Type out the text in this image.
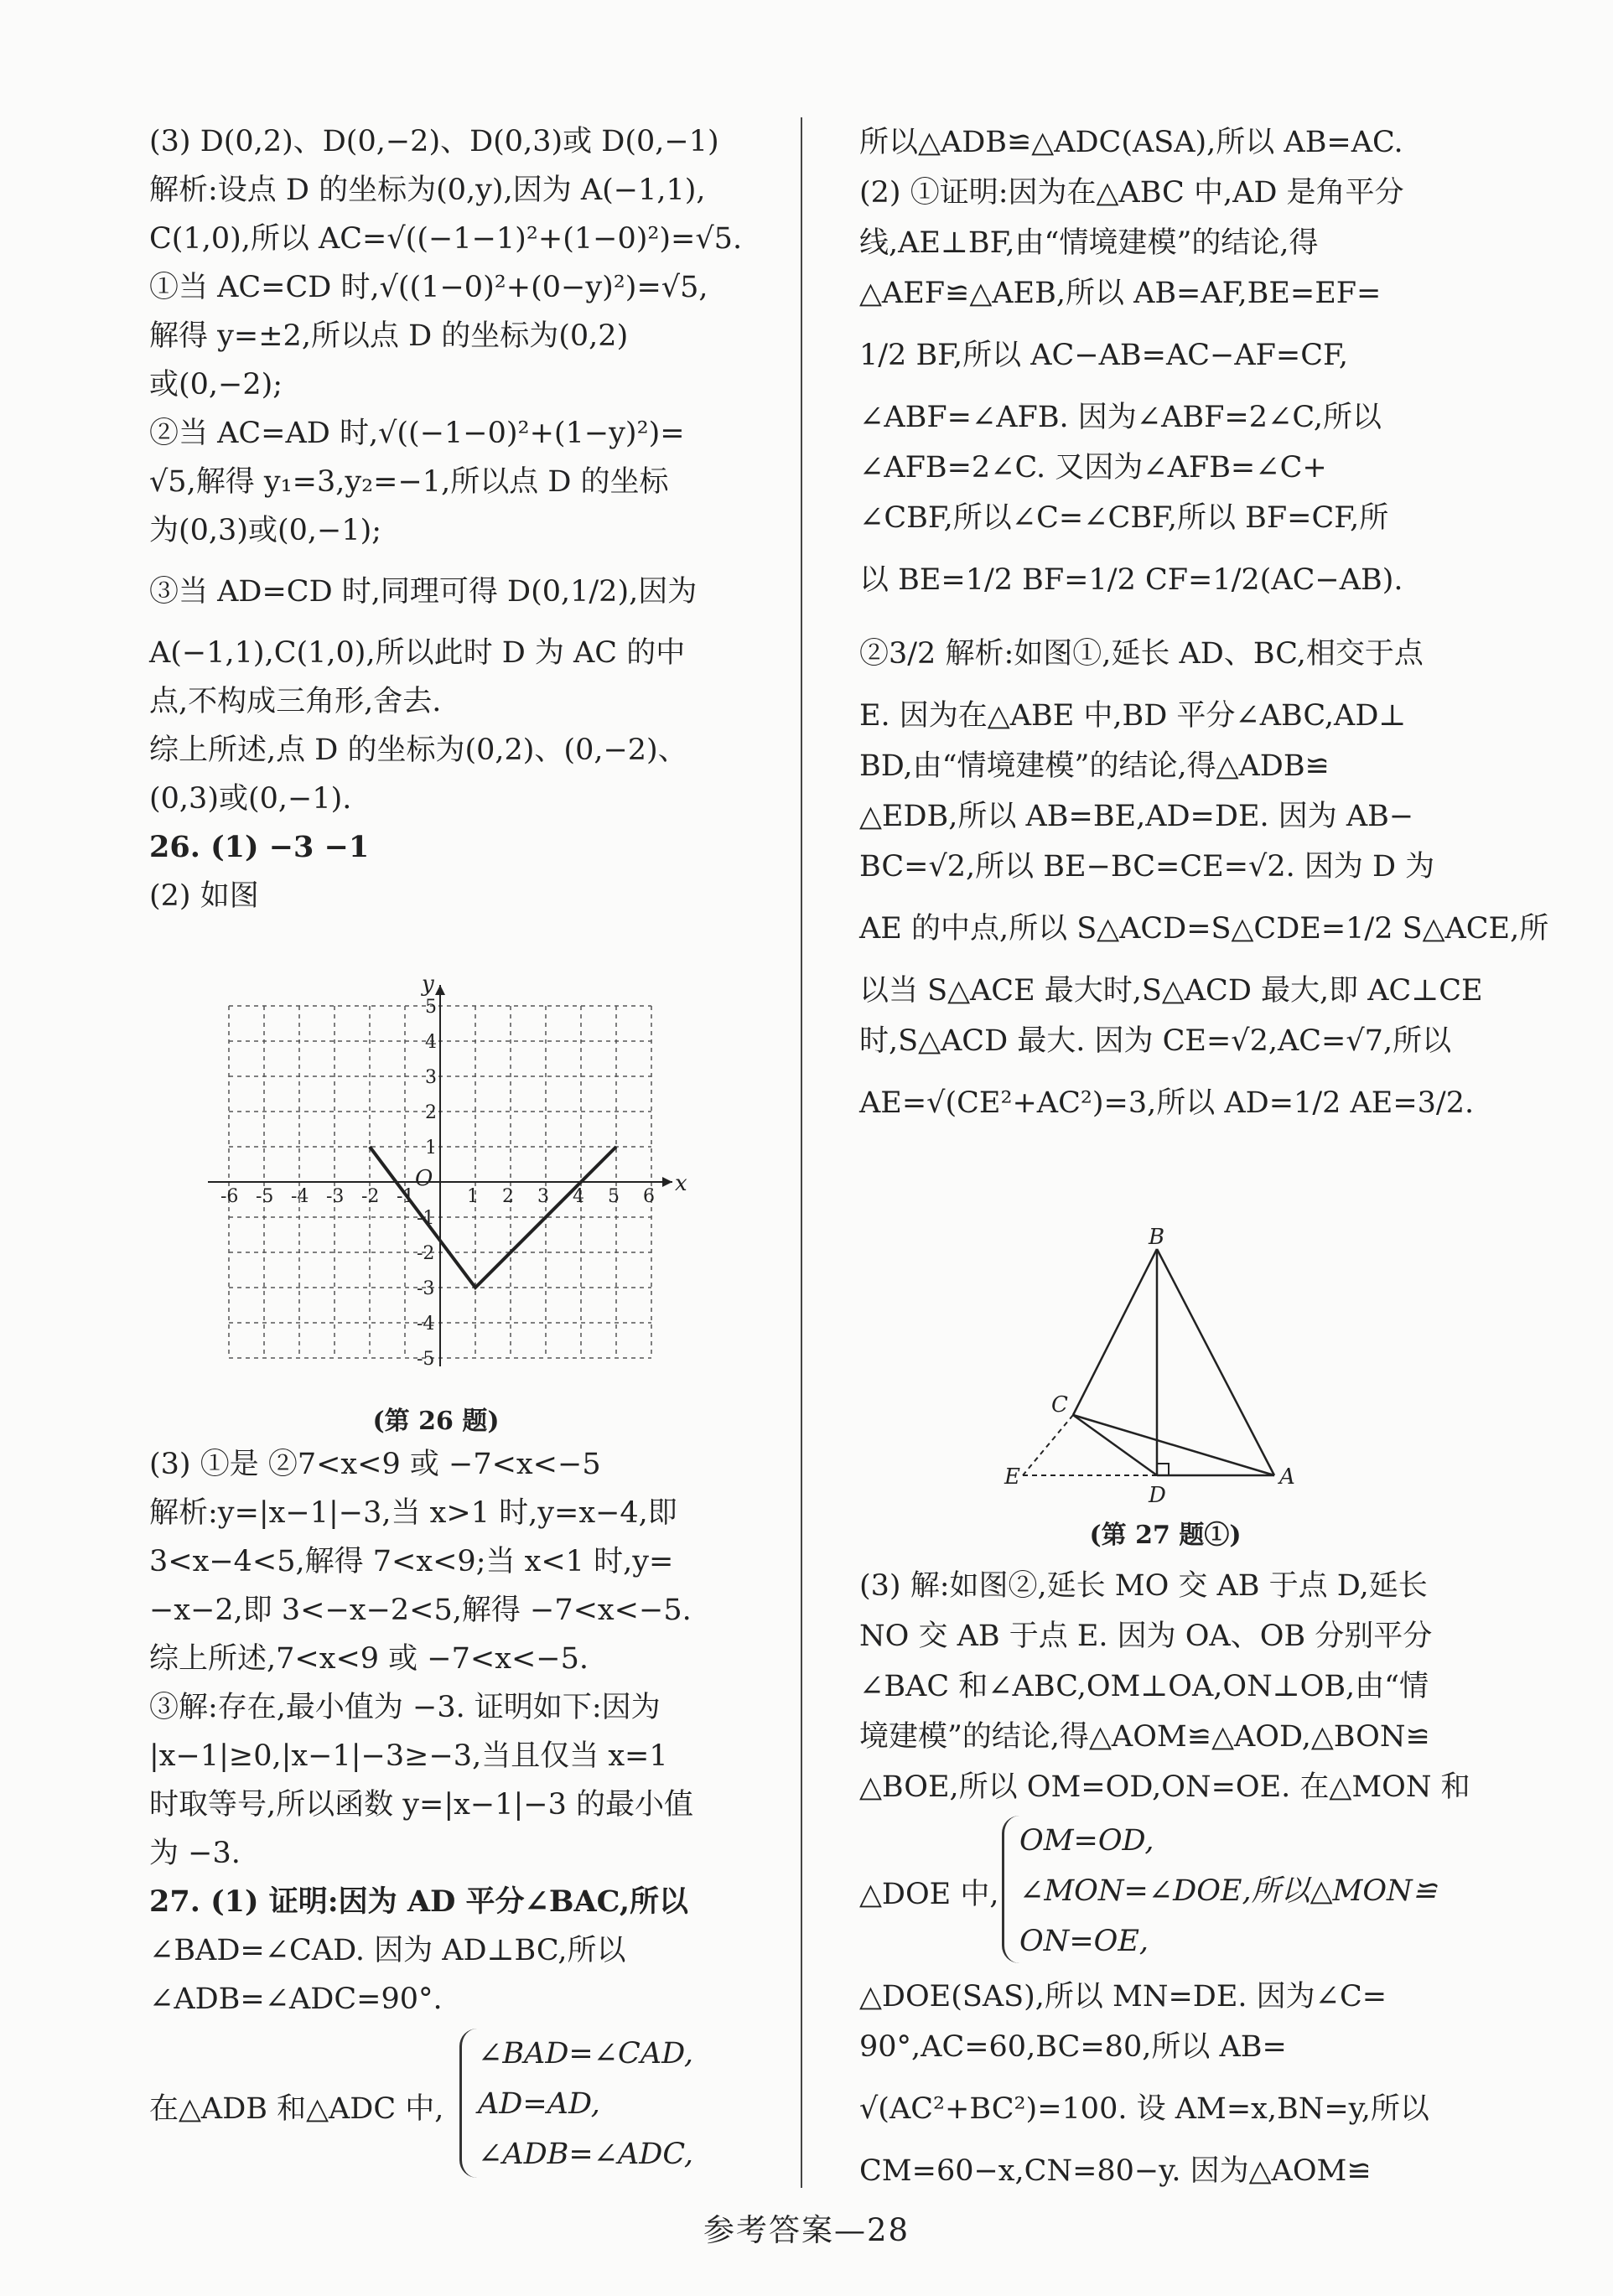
(3) D(0,2)、D(0,−2)、D(0,3)或 D(0,−1)
解析:设点 D 的坐标为(0,y),因为 A(−1,1),
C(1,0),所以 AC=√((−1−1)²+(1−0)²)=√5.
①当 AC=CD 时,√((1−0)²+(0−y)²)=√5,
解得 y=±2,所以点 D 的坐标为(0,2)
或(0,−2);
②当 AC=AD 时,√((−1−0)²+(1−y)²)=
√5,解得 y₁=3,y₂=−1,所以点 D 的坐标
为(0,3)或(0,−1);
③当 AD=CD 时,同理可得 D(0,1/2),因为
A(−1,1),C(1,0),所以此时 D 为 AC 的中
点,不构成三角形,舍去.
综上所述,点 D 的坐标为(0,2)、(0,−2)、
(0,3)或(0,−1).
26. (1) −3 −1
(2) 如图
x
y
O
-6 -5 -4 -3 -2 -1	1 2 3 4 5 6
5
4
3
2
1
-1
-2
-3
-4
-5
(第 26 题)
(3) ①是 ②7<x<9 或 −7<x<−5
解析:y=|x−1|−3,当 x>1 时,y=x−4,即
3<x−4<5,解得 7<x<9;当 x<1 时,y=
−x−2,即 3<−x−2<5,解得 −7<x<−5.
综上所述,7<x<9 或 −7<x<−5.
③解:存在,最小值为 −3. 证明如下:因为
|x−1|≥0,|x−1|−3≥−3,当且仅当 x=1
时取等号,所以函数 y=|x−1|−3 的最小值
为 −3.
27. (1) 证明:因为 AD 平分∠BAC,所以
∠BAD=∠CAD. 因为 AD⊥BC,所以
∠ADB=∠ADC=90°.
在△ADB 和△ADC 中,
∠BAD=∠CAD,
AD=AD,
∠ADB=∠ADC,
所以△ADB≌△ADC(ASA),所以 AB=AC.
(2) ①证明:因为在△ABC 中,AD 是角平分
线,AE⊥BF,由“情境建模”的结论,得
△AEF≌△AEB,所以 AB=AF,BE=EF=
1/2 BF,所以 AC−AB=AC−AF=CF,
∠ABF=∠AFB. 因为∠ABF=2∠C,所以
∠AFB=2∠C. 又因为∠AFB=∠C+
∠CBF,所以∠C=∠CBF,所以 BF=CF,所
以 BE=1/2 BF=1/2 CF=1/2(AC−AB).
②3/2 解析:如图①,延长 AD、BC,相交于点
E. 因为在△ABE 中,BD 平分∠ABC,AD⊥
BD,由“情境建模”的结论,得△ADB≌
△EDB,所以 AB=BE,AD=DE. 因为 AB−
BC=√2,所以 BE−BC=CE=√2. 因为 D 为
AE 的中点,所以 S△ACD=S△CDE=1/2 S△ACE,所
以当 S△ACE 最大时,S△ACD 最大,即 AC⊥CE
时,S△ACD 最大. 因为 CE=√2,AC=√7,所以
AE=√(CE²+AC²)=3,所以 AD=1/2 AE=3/2.
B
C
E
D
A
(第 27 题①)
(3) 解:如图②,延长 MO 交 AB 于点 D,延长
NO 交 AB 于点 E. 因为 OA、OB 分别平分
∠BAC 和∠ABC,OM⊥OA,ON⊥OB,由“情
境建模”的结论,得△AOM≌△AOD,△BON≌
△BOE,所以 OM=OD,ON=OE. 在△MON 和
△DOE 中,
OM=OD,
∠MON=∠DOE,所以△MON≌
ON=OE,
△DOE(SAS),所以 MN=DE. 因为∠C=
90°,AC=60,BC=80,所以 AB=
√(AC²+BC²)=100. 设 AM=x,BN=y,所以
CM=60−x,CN=80−y. 因为△AOM≌
参考答案—28
